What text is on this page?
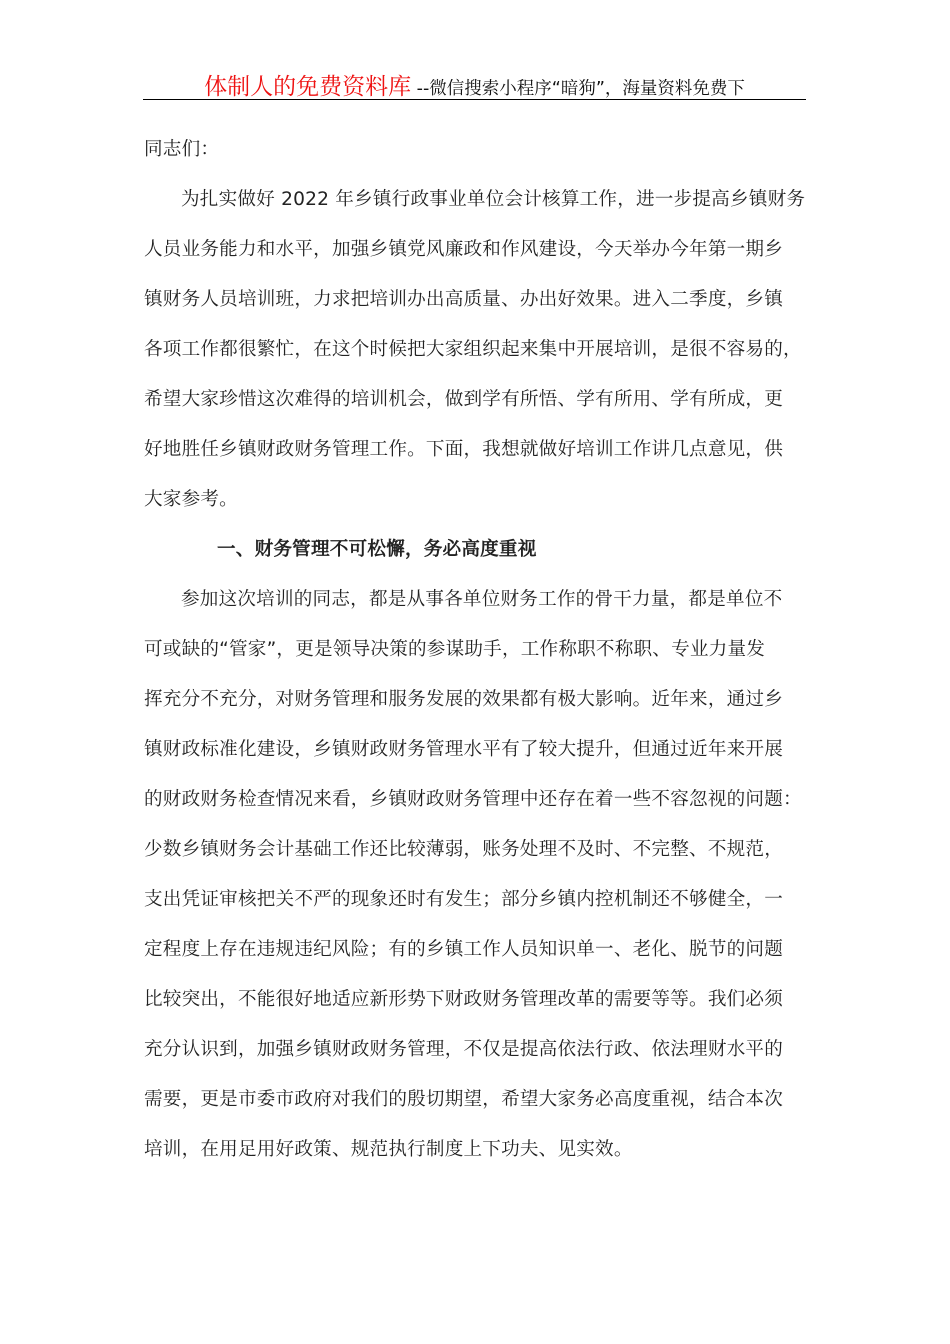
体制人的免费资料库 --微信搜索小程序“暗狗”，海量资料免费下
同志们：
为扎实做好 2022 年乡镇行政事业单位会计核算工作，进一步提高乡镇财务
人员业务能力和水平，加强乡镇党风廉政和作风建设，今天举办今年第一期乡
镇财务人员培训班，力求把培训办出高质量、办出好效果。进入二季度，乡镇
各项工作都很繁忙，在这个时候把大家组织起来集中开展培训，是很不容易的，
希望大家珍惜这次难得的培训机会，做到学有所悟、学有所用、学有所成，更
好地胜任乡镇财政财务管理工作。下面，我想就做好培训工作讲几点意见，供
大家参考。
一、财务管理不可松懈，务必高度重视
参加这次培训的同志，都是从事各单位财务工作的骨干力量，都是单位不
可或缺的“管家”，更是领导决策的参谋助手，工作称职不称职、专业力量发
挥充分不充分，对财务管理和服务发展的效果都有极大影响。近年来，通过乡
镇财政标准化建设，乡镇财政财务管理水平有了较大提升，但通过近年来开展
的财政财务检查情况来看，乡镇财政财务管理中还存在着一些不容忽视的问题：
少数乡镇财务会计基础工作还比较薄弱，账务处理不及时、不完整、不规范，
支出凭证审核把关不严的现象还时有发生；部分乡镇内控机制还不够健全，一
定程度上存在违规违纪风险；有的乡镇工作人员知识单一、老化、脱节的问题
比较突出，不能很好地适应新形势下财政财务管理改革的需要等等。我们必须
充分认识到，加强乡镇财政财务管理，不仅是提高依法行政、依法理财水平的
需要，更是市委市政府对我们的殷切期望，希望大家务必高度重视，结合本次
培训，在用足用好政策、规范执行制度上下功夫、见实效。
